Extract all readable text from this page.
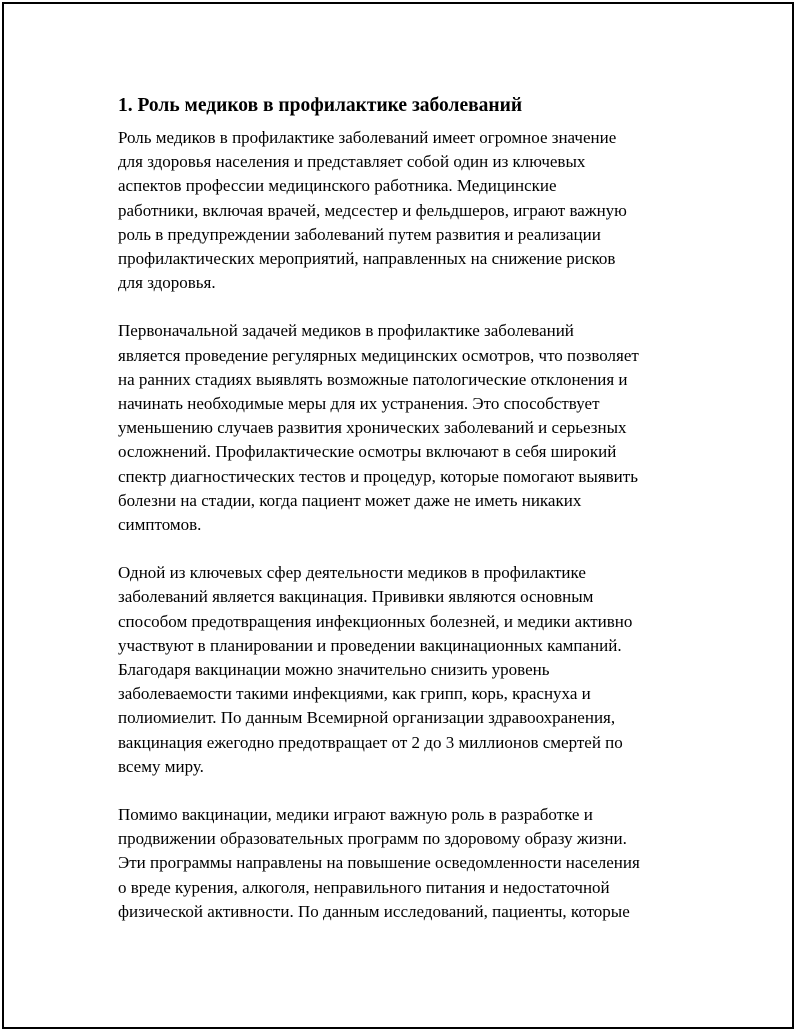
1. Роль медиков в профилактике заболеваний
Роль медиков в профилактике заболеваний имеет огромное значение
для здоровья населения и представляет собой один из ключевых
аспектов профессии медицинского работника. Медицинские
работники, включая врачей, медсестер и фельдшеров, играют важную
роль в предупреждении заболеваний путем развития и реализации
профилактических мероприятий, направленных на снижение рисков
для здоровья.
Первоначальной задачей медиков в профилактике заболеваний
является проведение регулярных медицинских осмотров, что позволяет
на ранних стадиях выявлять возможные патологические отклонения и
начинать необходимые меры для их устранения. Это способствует
уменьшению случаев развития хронических заболеваний и серьезных
осложнений. Профилактические осмотры включают в себя широкий
спектр диагностических тестов и процедур, которые помогают выявить
болезни на стадии, когда пациент может даже не иметь никаких
симптомов.
Одной из ключевых сфер деятельности медиков в профилактике
заболеваний является вакцинация. Прививки являются основным
способом предотвращения инфекционных болезней, и медики активно
участвуют в планировании и проведении вакцинационных кампаний.
Благодаря вакцинации можно значительно снизить уровень
заболеваемости такими инфекциями, как грипп, корь, краснуха и
полиомиелит. По данным Всемирной организации здравоохранения,
вакцинация ежегодно предотвращает от 2 до 3 миллионов смертей по
всему миру.
Помимо вакцинации, медики играют важную роль в разработке и
продвижении образовательных программ по здоровому образу жизни.
Эти программы направлены на повышение осведомленности населения
о вреде курения, алкоголя, неправильного питания и недостаточной
физической активности. По данным исследований, пациенты, которые
